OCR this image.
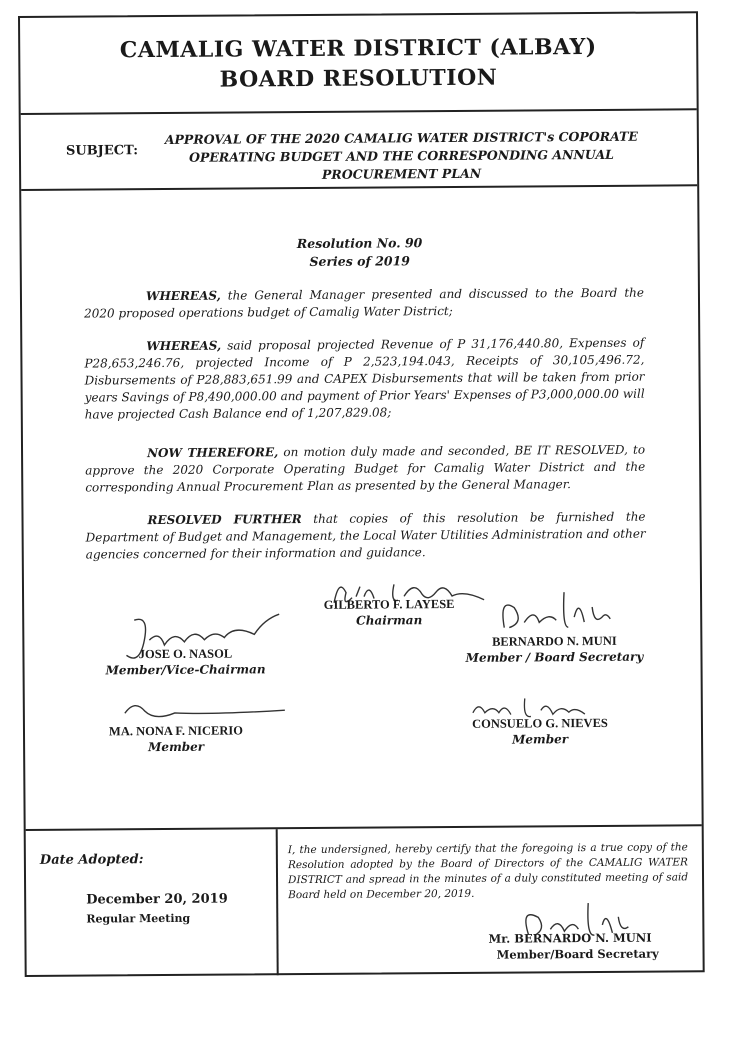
CAMALIG WATER DISTRICT (ALBAY)
BOARD RESOLUTION
SUBJECT:
APPROVAL OF THE 2020 CAMALIG WATER DISTRICT's COPORATE OPERATING BUDGET AND THE CORRESPONDING ANNUAL PROCUREMENT PLAN
Resolution No. 90
Series of 2019
WHEREAS, the General Manager presented and discussed to the Board the 2020 proposed operations budget of Camalig Water District;
WHEREAS, said proposal projected Revenue of P 31,176,440.80, Expenses of P28,653,246.76, projected Income of P 2,523,194.043, Receipts of 30,105,496.72, Disbursements of P28,883,651.99 and CAPEX Disbursements that will be taken from prior years Savings of P8,490,000.00 and payment of Prior Years' Expenses of P3,000,000.00 will have projected Cash Balance end of 1,207,829.08;
NOW THEREFORE, on motion duly made and seconded, BE IT RESOLVED, to approve the 2020 Corporate Operating Budget for Camalig Water District and the corresponding Annual Procurement Plan as presented by the General Manager.
RESOLVED FURTHER that copies of this resolution be furnished the Department of Budget and Management, the Local Water Utilities Administration and other agencies concerned for their information and guidance.
GILBERTO F. LAYESE
Chairman
JOSE O. NASOL
Member/Vice-Chairman
BERNARDO N. MUNI
Member / Board Secretary
MA. NONA F. NICERIO
Member
CONSUELO G. NIEVES
Member
Date Adopted:
December 20, 2019
Regular Meeting
I, the undersigned, hereby certify that the foregoing is a true copy of the Resolution adopted by the Board of Directors of the CAMALIG WATER DISTRICT and spread in the minutes of a duly constituted meeting of said Board held on December 20, 2019.
Mr. BERNARDO N. MUNI
Member/Board Secretary
